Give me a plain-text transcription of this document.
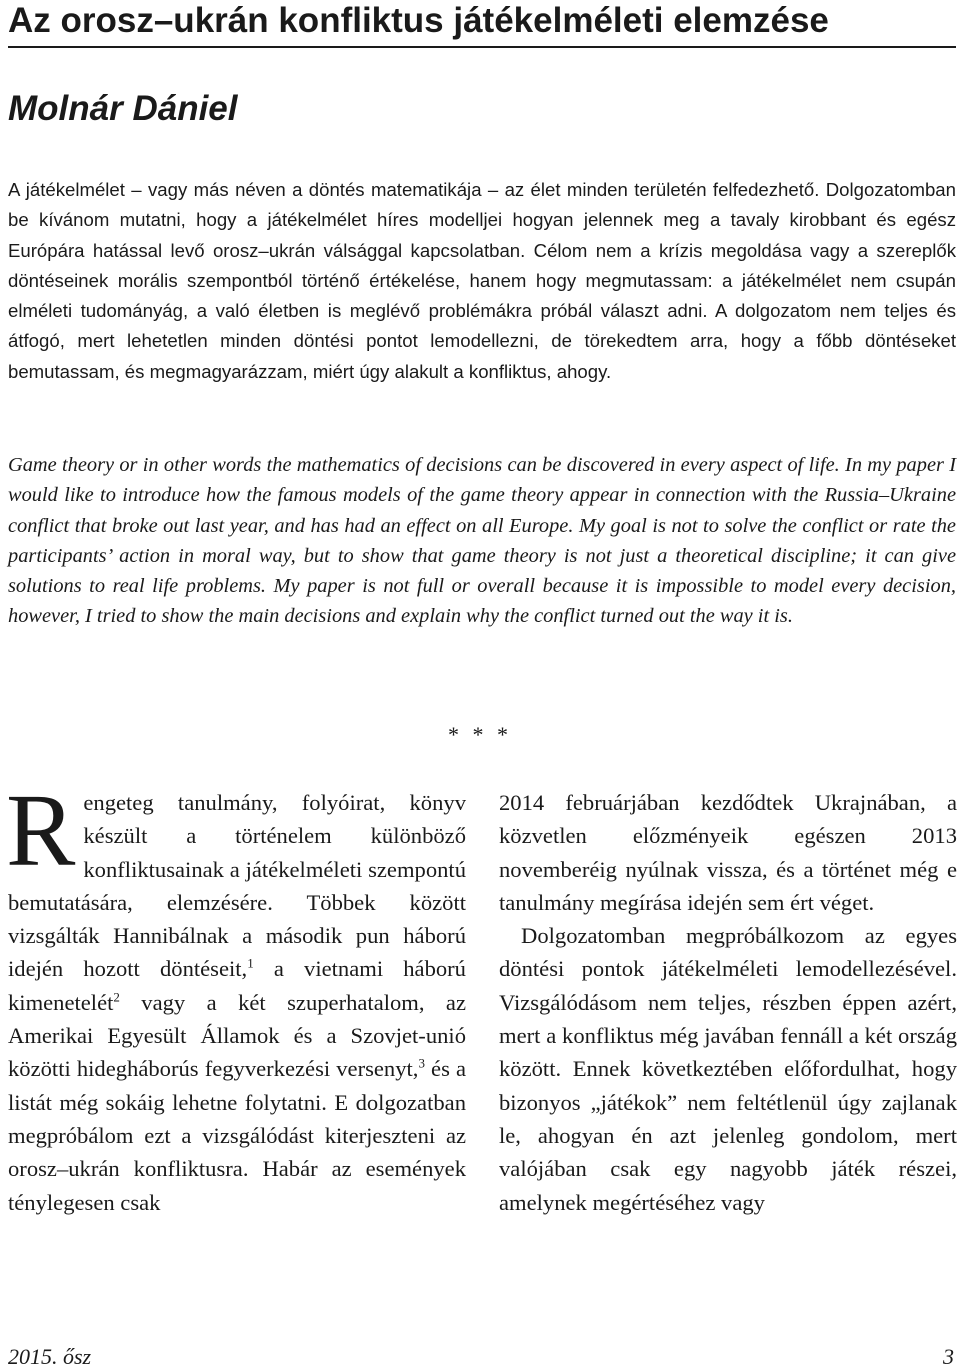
Az orosz–ukrán konfliktus játékelméleti elemzése
Molnár Dániel

A játékelmélet – vagy más néven a döntés matematikája – az élet minden területén felfedezhető. Dolgozatomban be kívánom mutatni, hogy a játékelmélet híres modelljei hogyan jelennek meg a tavaly kirobbant és egész Európára hatással levő orosz–ukrán válsággal kapcsolatban. Célom nem a krízis megoldása vagy a szereplők döntéseinek morális szempontból történő értékelése, hanem hogy megmutassam: a játékelmélet nem csupán elméleti tudományág, a való életben is meglévő problémákra próbál választ adni. A dolgozatom nem teljes és átfogó, mert lehetetlen minden döntési pontot lemodellezni, de törekedtem arra, hogy a főbb döntéseket bemutassam, és megmagyarázzam, miért úgy alakult a konfliktus, ahogy.

Game theory or in other words the mathematics of decisions can be discovered in every aspect of life. In my paper I would like to introduce how the famous models of the game theory appear in connection with the Russia–Ukraine conflict that broke out last year, and has had an effect on all Europe. My goal is not to solve the conflict or rate the participants’ action in moral way, but to show that game theory is not just a theoretical discipline; it can give solutions to real life problems. My paper is not full or overall because it is impossible to model every decision, however, I tried to show the main decisions and explain why the conflict turned out the way it is.

* * *

Rengeteg tanulmány, folyóirat, könyv készült a történelem különböző konfliktusainak a játékelméleti szempontú bemutatására, elemzésére. Többek között vizsgálták Hannibálnak a második pun háború idején hozott döntéseit,$^1$ a vietnami háború kimenetelét$^2$ vagy a két szuperhatalom, az Amerikai Egyesült Államok és a Szovjet-unió közötti hidegháborús fegyverkezési versenyt,$^3$ és a listát még sokáig lehetne folytatni. E dolgozatban megpróbálom ezt a vizsgálódást kiterjeszteni az orosz–ukrán konfliktusra. Habár az események ténylegesen csak

2014 februárjában kezdődtek Ukrajnában, a közvetlen előzményeik egészen 2013 novemberéig nyúlnak vissza, és a történet még e tanulmány megírása idején sem ért véget.

Dolgozatomban megpróbálkozom az egyes döntési pontok játékelméleti lemodellezésével. Vizsgálódásom nem teljes, részben éppen azért, mert a konfliktus még javában fennáll a két ország között. Ennek következtében előfordulhat, hogy bizonyos „játékok” nem feltétlenül úgy zajlanak le, ahogyan én azt jelenleg gondolom, mert valójában csak egy nagyobb játék részei, amelynek megértéséhez vagy

2015. ősz	3
